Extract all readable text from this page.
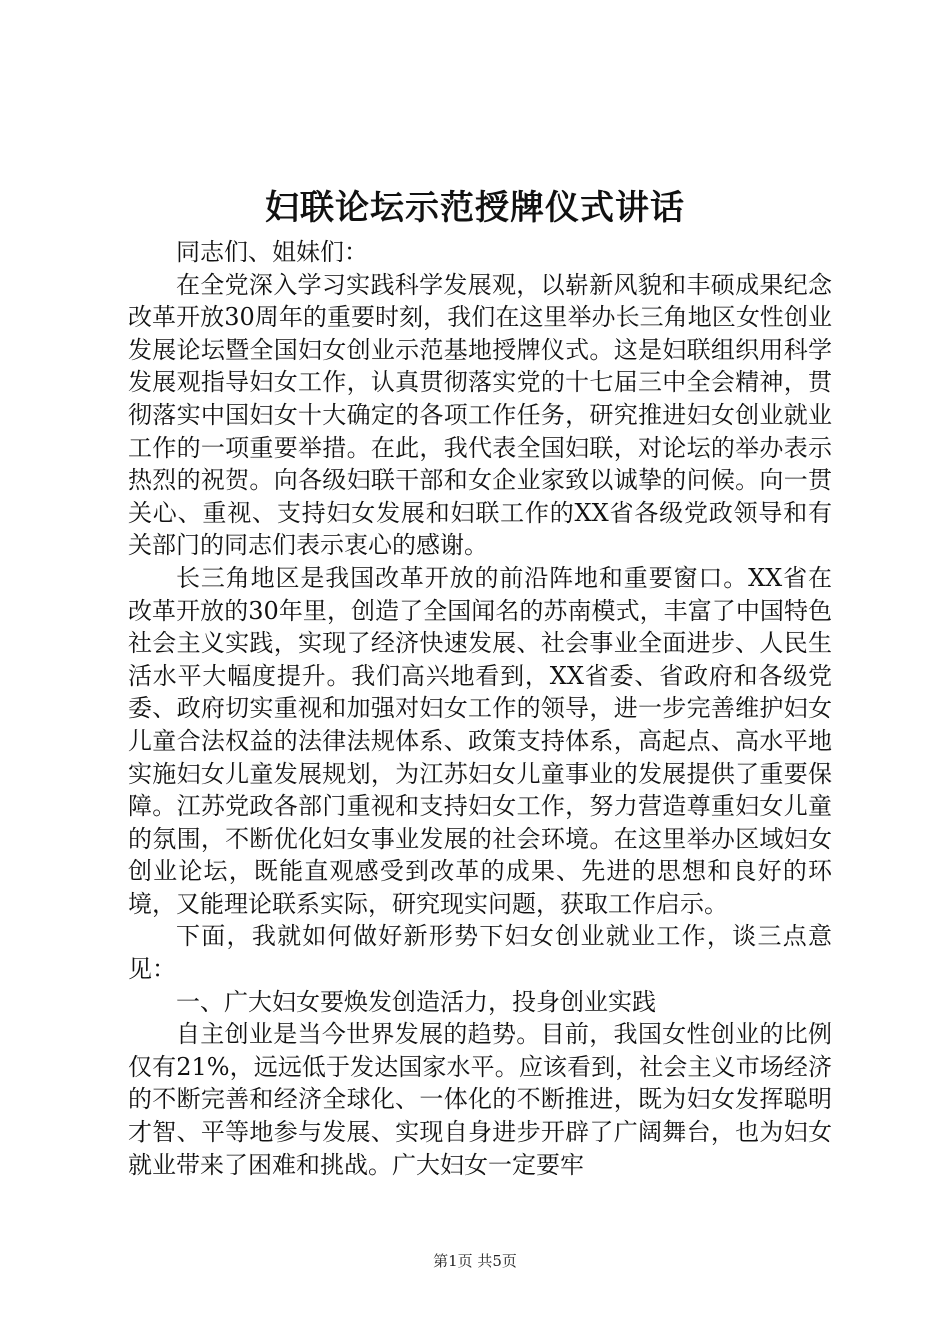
妇联论坛示范授牌仪式讲话

同志们、姐妹们：

在全党深入学习实践科学发展观，以崭新风貌和丰硕成果纪念改革开放30周年的重要时刻，我们在这里举办长三角地区女性创业发展论坛暨全国妇女创业示范基地授牌仪式。这是妇联组织用科学发展观指导妇女工作，认真贯彻落实党的十七届三中全会精神，贯彻落实中国妇女十大确定的各项工作任务，研究推进妇女创业就业工作的一项重要举措。在此，我代表全国妇联，对论坛的举办表示热烈的祝贺。向各级妇联干部和女企业家致以诚挚的问候。向一贯关心、重视、支持妇女发展和妇联工作的XX省各级党政领导和有关部门的同志们表示衷心的感谢。

长三角地区是我国改革开放的前沿阵地和重要窗口。XX省在改革开放的30年里，创造了全国闻名的苏南模式，丰富了中国特色社会主义实践，实现了经济快速发展、社会事业全面进步、人民生活水平大幅度提升。我们高兴地看到，XX省委、省政府和各级党委、政府切实重视和加强对妇女工作的领导，进一步完善维护妇女儿童合法权益的法律法规体系、政策支持体系，高起点、高水平地实施妇女儿童发展规划，为江苏妇女儿童事业的发展提供了重要保障。江苏党政各部门重视和支持妇女工作，努力营造尊重妇女儿童的氛围，不断优化妇女事业发展的社会环境。在这里举办区域妇女创业论坛，既能直观感受到改革的成果、先进的思想和良好的环境，又能理论联系实际，研究现实问题，获取工作启示。

下面，我就如何做好新形势下妇女创业就业工作，谈三点意见：

一、广大妇女要焕发创造活力，投身创业实践

自主创业是当今世界发展的趋势。目前，我国女性创业的比例仅有21%，远远低于发达国家水平。应该看到，社会主义市场经济的不断完善和经济全球化、一体化的不断推进，既为妇女发挥聪明才智、平等地参与发展、实现自身进步开辟了广阔舞台，也为妇女就业带来了困难和挑战。广大妇女一定要牢

第1页 共5页
